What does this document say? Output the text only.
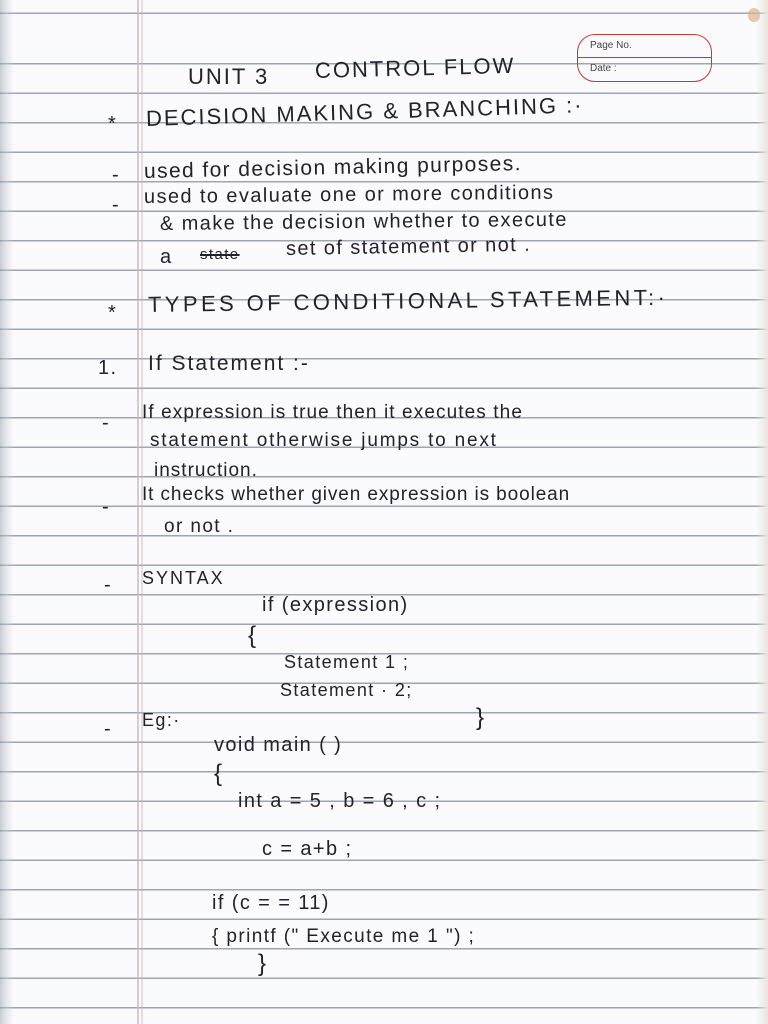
Page No.
Date :
UNIT 3 CONTROL FLOW
* DECISION MAKING & BRANCHING :·
- used for decision making purposes.
- used to evaluate one or more conditions
& make the decision whether to execute
a state set of statement or not .
* TYPES OF CONDITIONAL STATEMENT:·
1. If Statement :-
- If expression is true then it executes the
statement otherwise jumps to next
instruction.
-
It checks whether given expression is boolean
or not .
- SYNTAX
if (expression)
{
Statement 1 ;
Statement · 2;
}
- Eg:·
void main ( )
{
int a = 5 , b = 6 , c ;
c = a+b ;
if (c = = 11)
{ printf (" Execute me 1 ") ;
}
